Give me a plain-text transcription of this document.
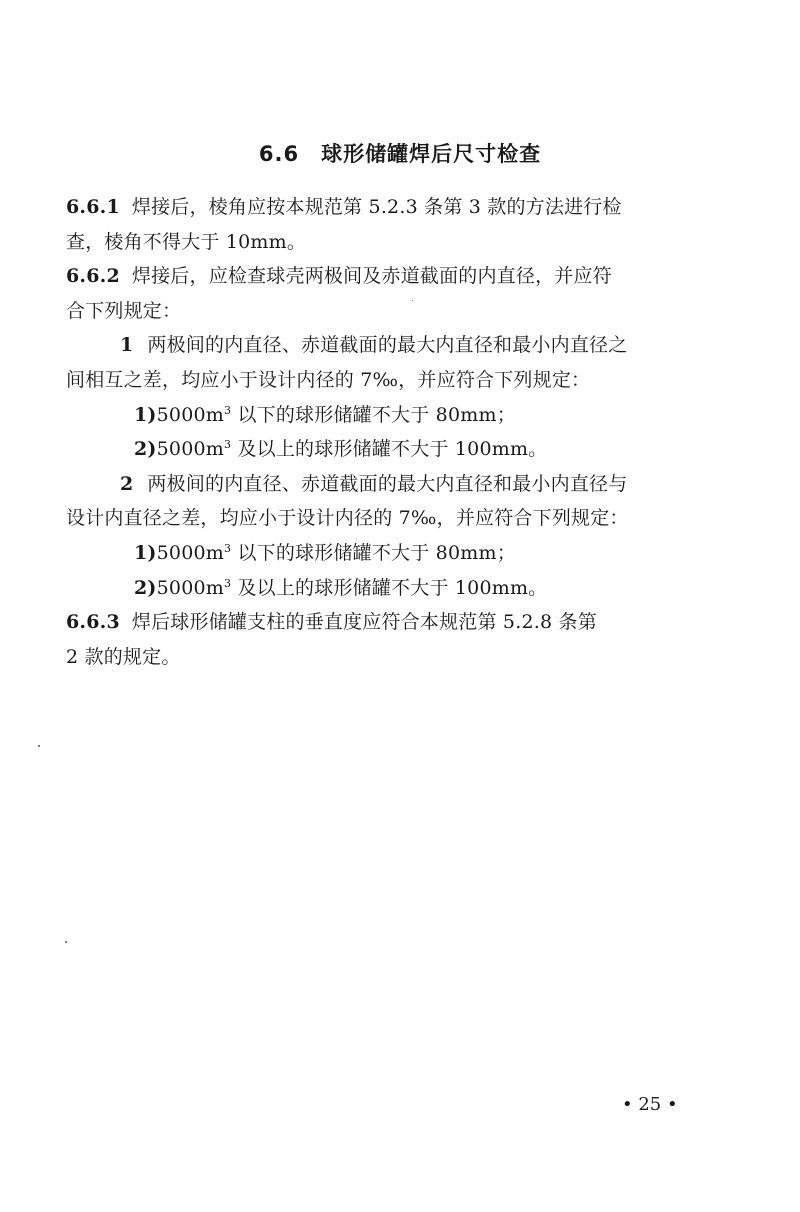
6.6 球形储罐焊后尺寸检查
6.6.1 焊接后，棱角应按本规范第 5.2.3 条第 3 款的方法进行检
查，棱角不得大于 10mm。
6.6.2 焊接后，应检查球壳两极间及赤道截面的内直径，并应符
合下列规定：
1 两极间的内直径、赤道截面的最大内直径和最小内直径之
间相互之差，均应小于设计内径的 7‰，并应符合下列规定：
$1)5000m^3$ 以下的球形储罐不大于 80mm；
$2)5000m^3$ 及以上的球形储罐不大于 100mm。
2 两极间的内直径、赤道截面的最大内直径和最小内直径与
设计内直径之差，均应小于设计内径的 7‰，并应符合下列规定：
$1)5000m^3$ 以下的球形储罐不大于 80mm；
$2)5000m^3$ 及以上的球形储罐不大于 100mm。
6.6.3 焊后球形储罐支柱的垂直度应符合本规范第 5.2.8 条第
2 款的规定。
• 25 •
